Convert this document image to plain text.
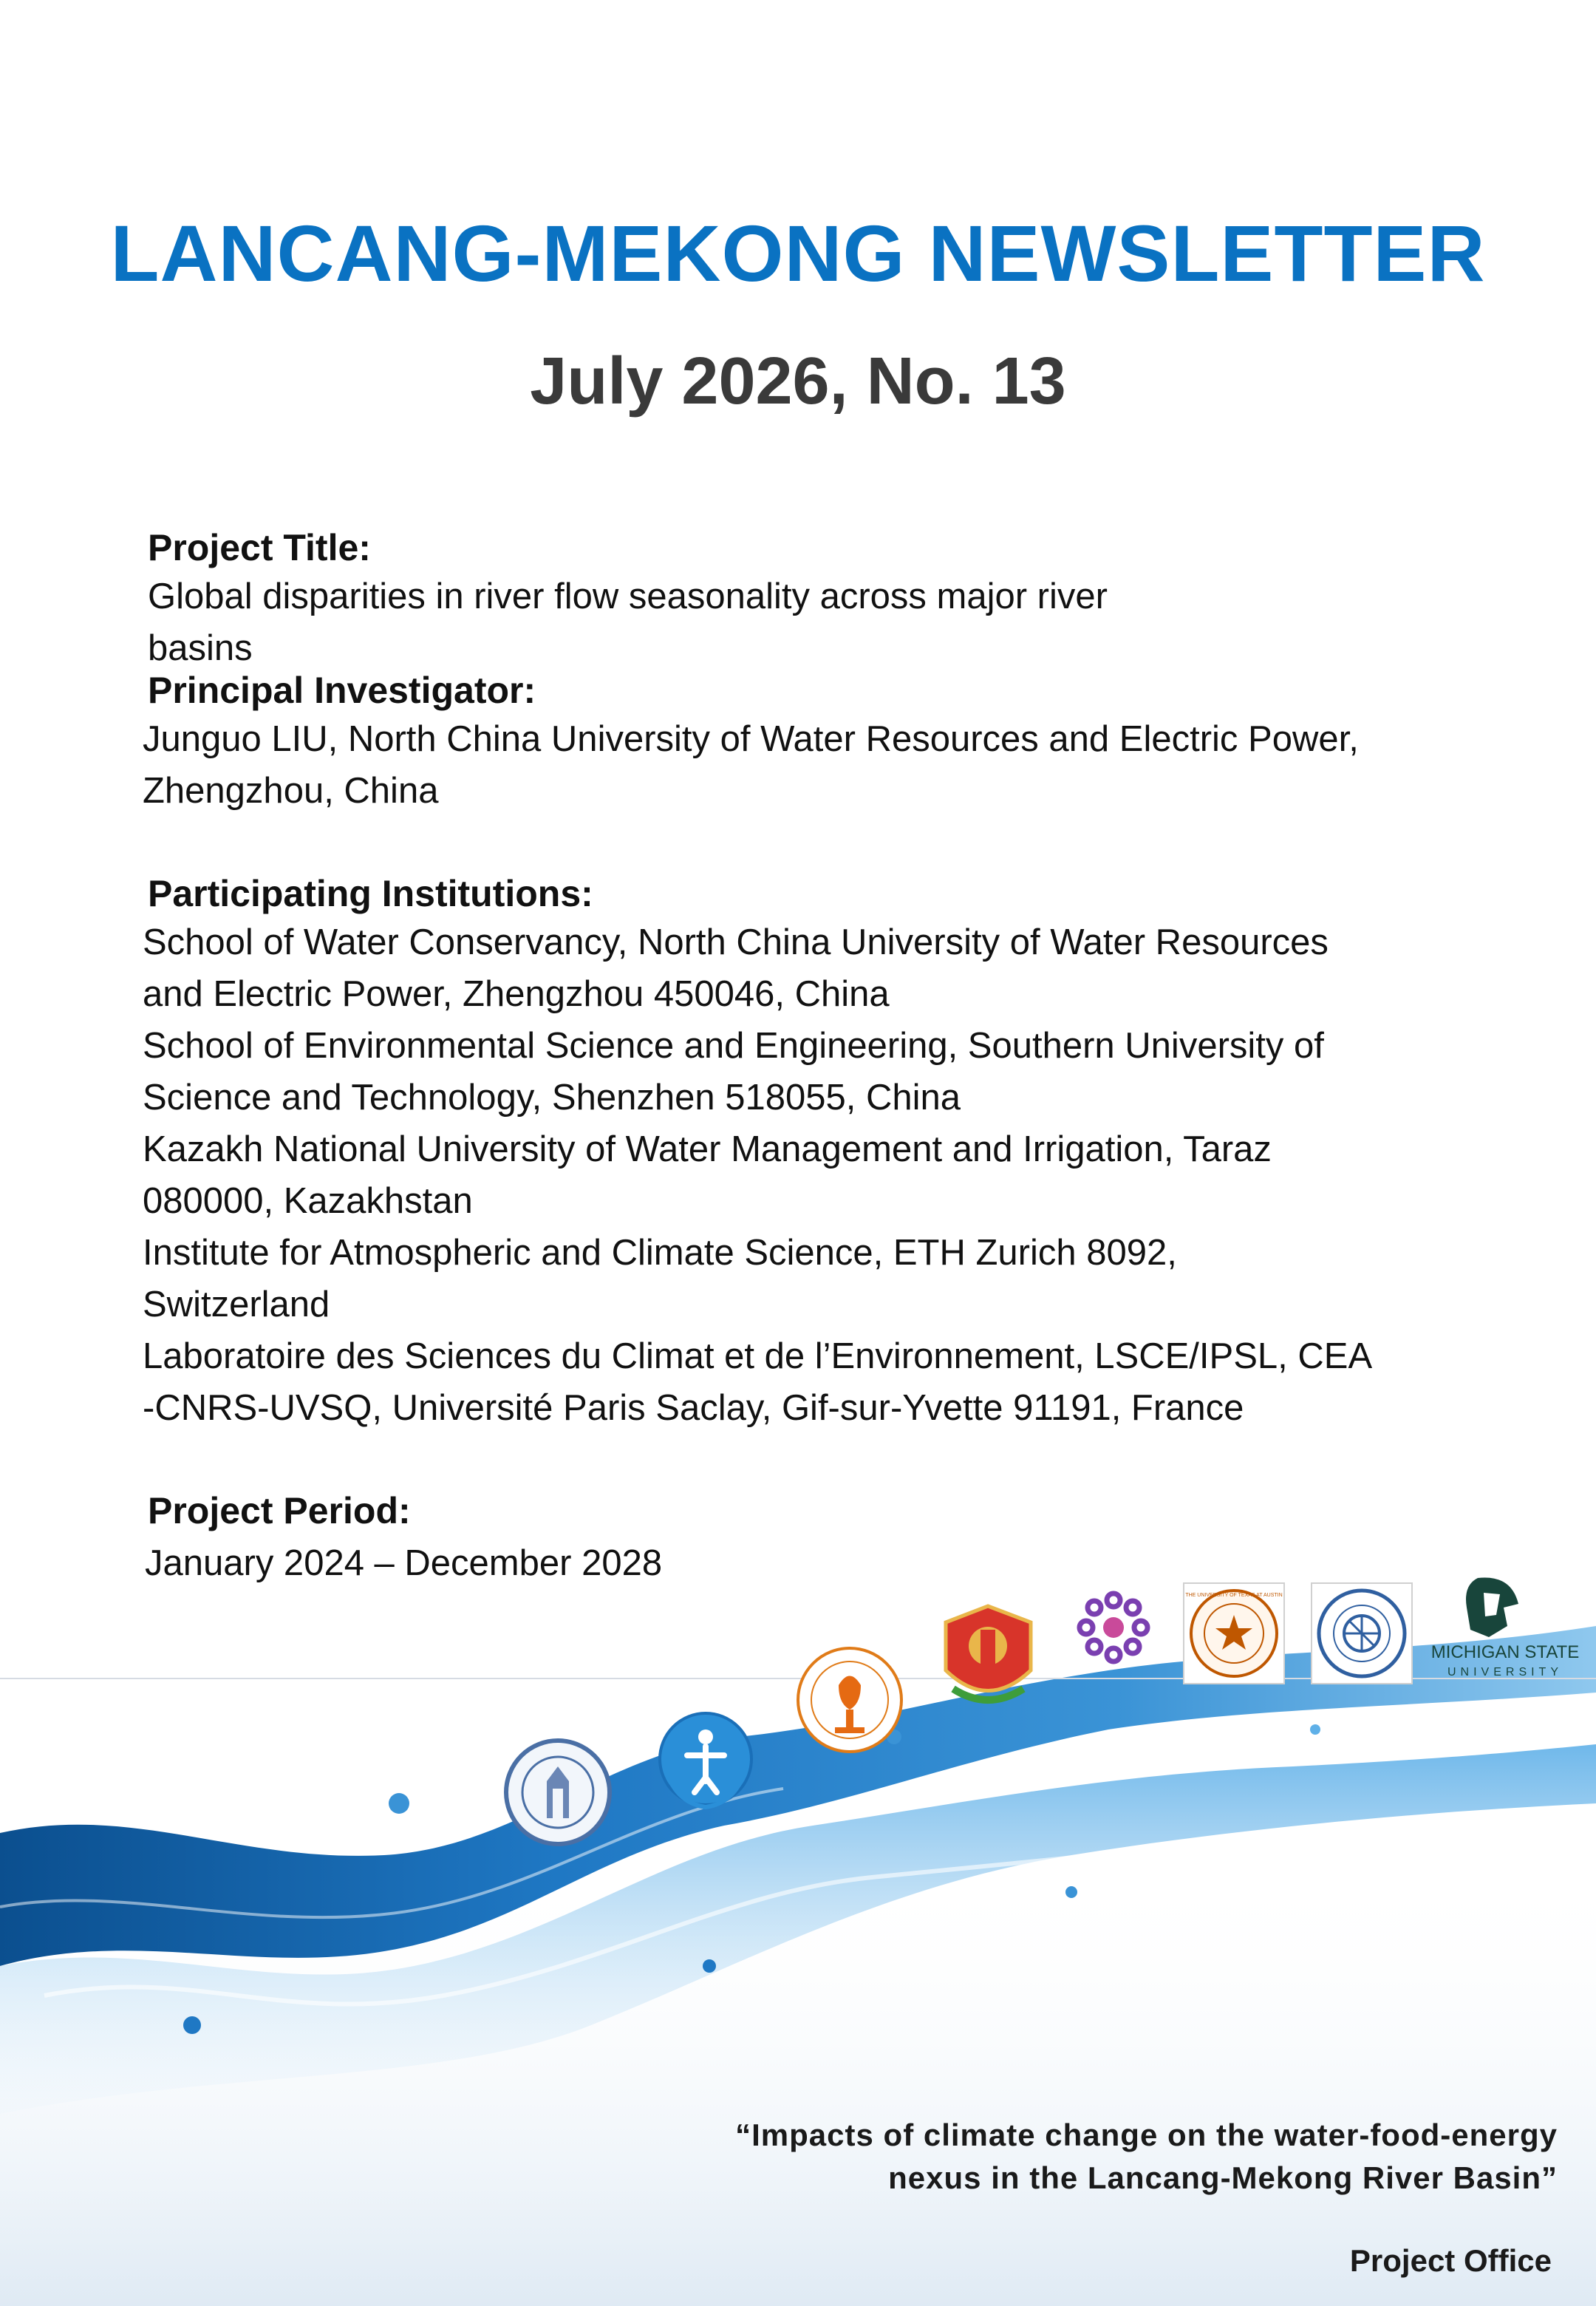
LANCANG-MEKONG NEWSLETTER
July 2026, No. 13
Project Title:
Global disparities in river flow seasonality across major river
basins
Principal Investigator:
Junguo LIU, North China University of Water Resources and Electric Power,
Zhengzhou, China
Participating Institutions:
School of Water Conservancy, North China University of Water Resources
and Electric Power, Zhengzhou 450046, China
School of Environmental Science and Engineering, Southern University of
Science and Technology, Shenzhen 518055, China
Kazakh National University of Water Management and Irrigation, Taraz
080000, Kazakhstan
Institute for Atmospheric and Climate Science, ETH Zurich 8092,
Switzerland
Laboratoire des Sciences du Climat et de l’Environnement, LSCE/IPSL, CEA
-CNRS-UVSQ, Université Paris Saclay, Gif-sur-Yvette 91191, France
Project Period:
January 2024 – December 2028
THE UNIVERSITY OF TEXAS AT AUSTIN
MICHIGAN STATE
UNIVERSITY
“Impacts of climate change on the water-food-energy
nexus in the Lancang-Mekong River Basin”
Project Office
